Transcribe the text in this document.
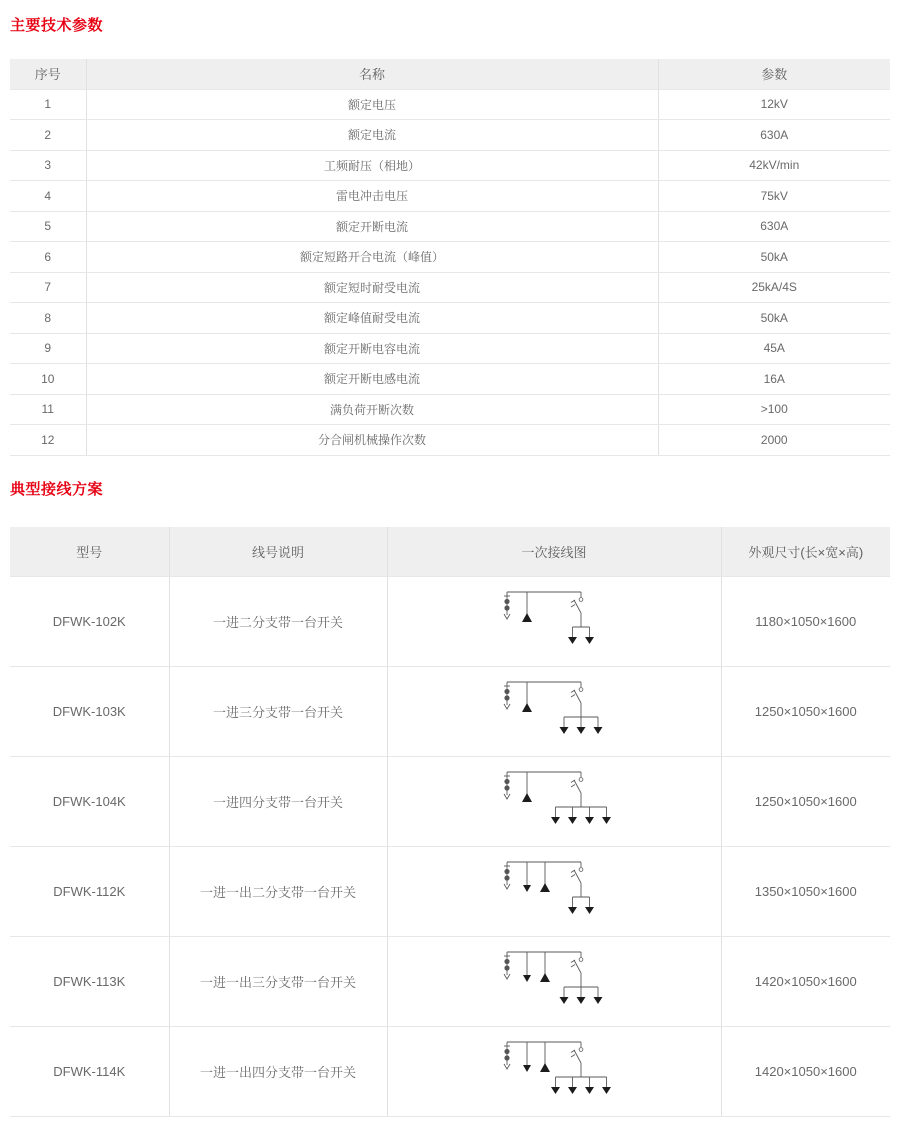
主要技术参数
序号	名称	参数
1	额定电压	12kV
2	额定电流	630A
3	工频耐压（相地）	42kV/min
4	雷电冲击电压	75kV
5	额定开断电流	630A
6	额定短路开合电流（峰值）	50kA
7	额定短时耐受电流	25kA/4S
8	额定峰值耐受电流	50kA
9	额定开断电容电流	45A
10	额定开断电感电流	16A
11	满负荷开断次数	>100
12	分合闸机械操作次数	2000
典型接线方案
型号	线号说明	一次接线图	外观尺寸(长×宽×高)
DFWK-102K	一进二分支带一台开关		1180×1050×1600
DFWK-103K	一进三分支带一台开关		1250×1050×1600
DFWK-104K	一进四分支带一台开关		1250×1050×1600
DFWK-112K	一进一出二分支带一台开关		1350×1050×1600
DFWK-113K	一进一出三分支带一台开关		1420×1050×1600
DFWK-114K	一进一出四分支带一台开关		1420×1050×1600
